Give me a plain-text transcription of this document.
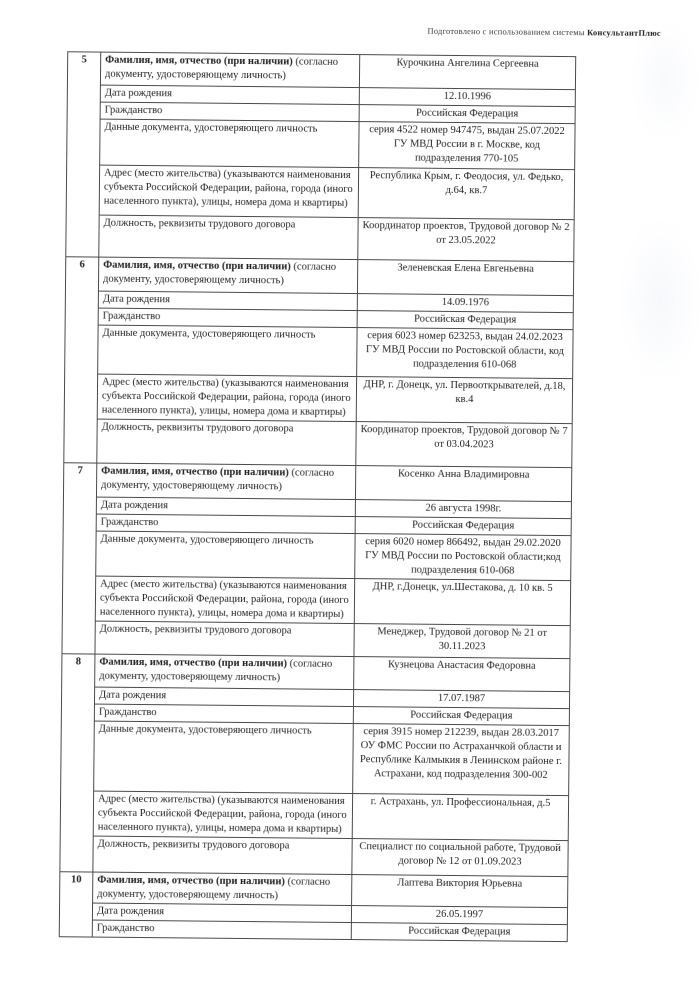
Подготовлено с использованием системы КонсультантПлюс
5	Фамилия, имя, отчество (при наличии) (согласно документу, удостоверяющему личность)	Курочкина Ангелина Сергеевна
	Дата рождения	12.10.1996
	Гражданство	Российская Федерация
	Данные документа, удостоверяющего личность	серия 4522 номер 947475, выдан 25.07.2022 ГУ МВД России в г. Москве, код подразделения 770-105
	Адрес (место жительства) (указываются наименования субъекта Российской Федерации, района, города (иного населенного пункта), улицы, номера дома и квартиры)	Республика Крым, г. Феодосия, ул. Федько, д.64, кв.7
	Должность, реквизиты трудового договора	Координатор проектов, Трудовой договор № 2 от 23.05.2022
6	Фамилия, имя, отчество (при наличии) (согласно документу, удостоверяющему личность)	Зеленевская Елена Евгеньевна
	Дата рождения	14.09.1976
	Гражданство	Российская Федерация
	Данные документа, удостоверяющего личность	серия 6023 номер 623253, выдан 24.02.2023 ГУ МВД России по Ростовской области, код подразделения 610-068
	Адрес (место жительства) (указываются наименования субъекта Российской Федерации, района, города (иного населенного пункта), улицы, номера дома и квартиры)	ДНР, г. Донецк, ул. Первооткрывателей, д.18, кв.4
	Должность, реквизиты трудового договора	Координатор проектов, Трудовой договор № 7 от 03.04.2023
7	Фамилия, имя, отчество (при наличии) (согласно документу, удостоверяющему личность)	Косенко Анна Владимировна
	Дата рождения	26 августа 1998г.
	Гражданство	Российская Федерация
	Данные документа, удостоверяющего личность	серия 6020 номер 866492, выдан 29.02.2020 ГУ МВД России по Ростовской области;код подразделения 610-068
	Адрес (место жительства) (указываются наименования субъекта Российской Федерации, района, города (иного населенного пункта), улицы, номера дома и квартиры)	ДНР, г.Донецк, ул.Шестакова, д. 10 кв. 5
	Должность, реквизиты трудового договора	Менеджер, Трудовой договор № 21 от 30.11.2023
8	Фамилия, имя, отчество (при наличии) (согласно документу, удостоверяющему личность)	Кузнецова Анастасия Федоровна
	Дата рождения	17.07.1987
	Гражданство	Российская Федерация
	Данные документа, удостоверяющего личность	серия 3915 номер 212239, выдан 28.03.2017 ОУ ФМС России по Астраханчкой области и Республике Калмыкия в Ленинском районе г. Астрахани, код подразделения 300-002
	Адрес (место жительства) (указываются наименования субъекта Российской Федерации, района, города (иного населенного пункта), улицы, номера дома и квартиры)	г. Астрахань, ул. Профессиональная, д.5
	Должность, реквизиты трудового договора	Специалист по социальной работе, Трудовой договор № 12 от 01.09.2023
10	Фамилия, имя, отчество (при наличии) (согласно документу, удостоверяющему личность)	Лаптева Виктория Юрьевна
	Дата рождения	26.05.1997
	Гражданство	Российская Федерация
